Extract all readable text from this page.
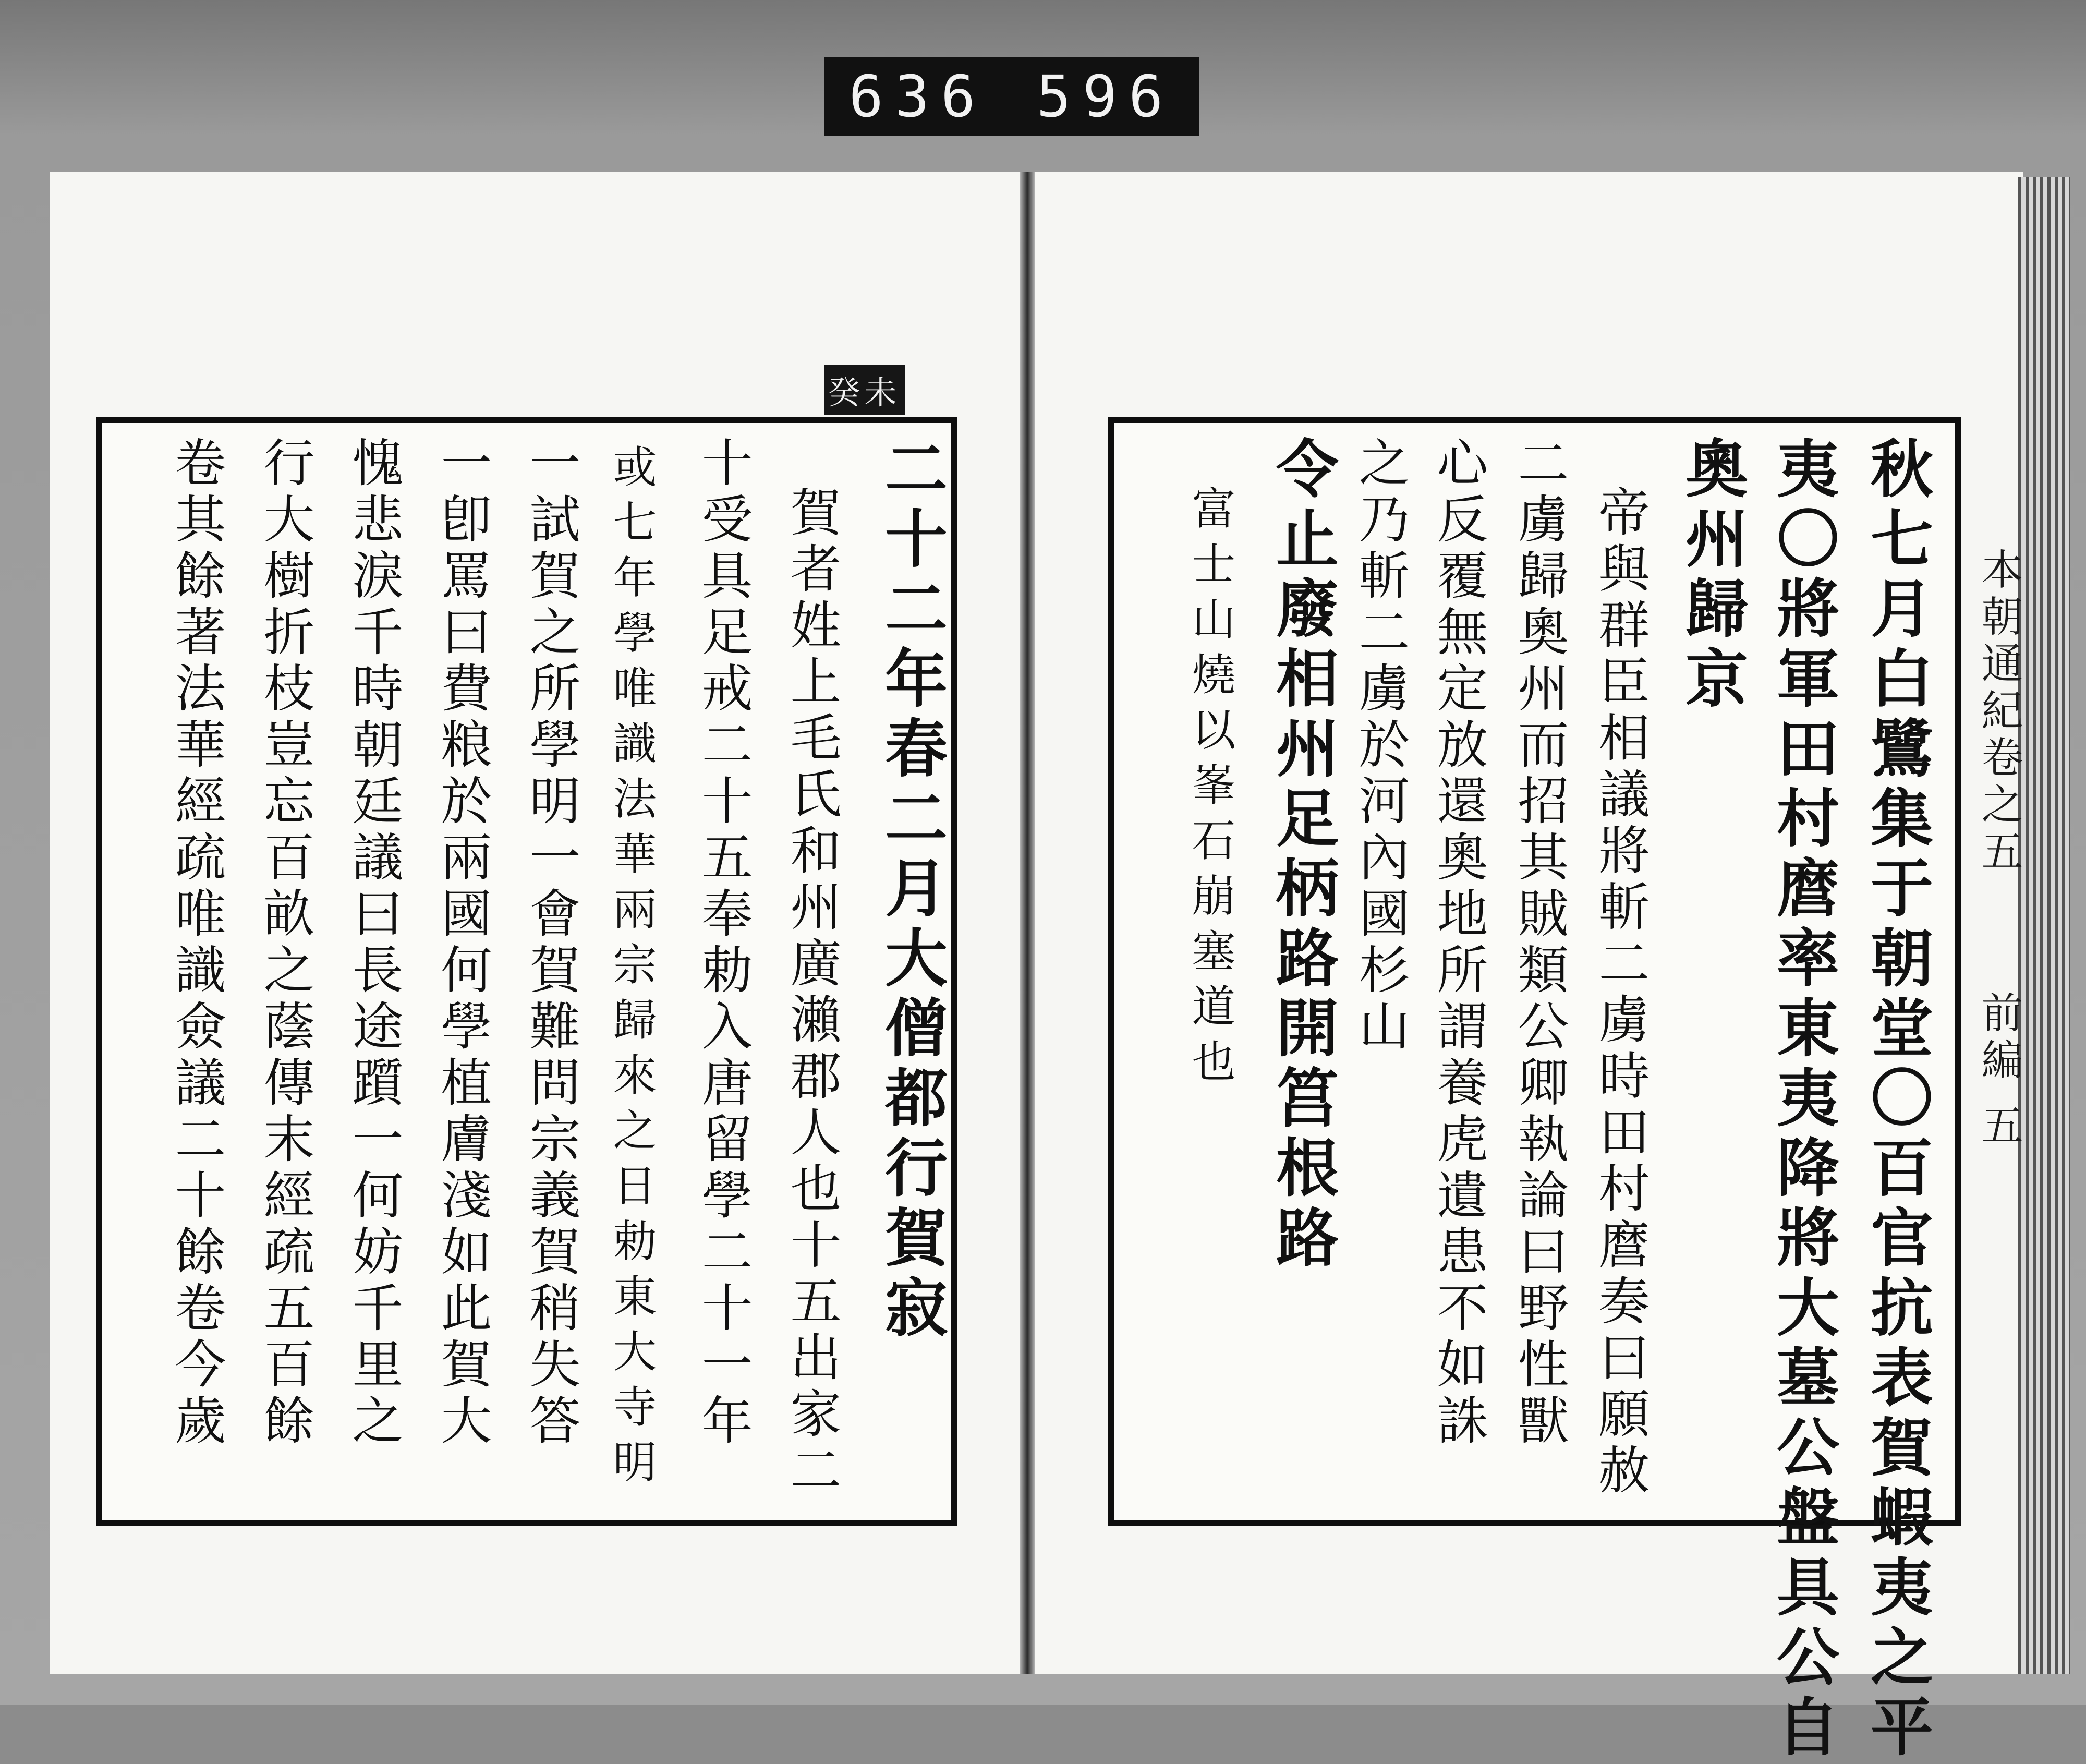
636 596
本朝通紀卷之五
前編 五
秋七月白鷺集于朝堂〇百官抗表賀蝦夷之平
夷〇將軍田村麿率東夷降將大墓公盤具公自
奧州歸京
帝與群臣相議將斬二虜時田村麿奏曰願赦
二虜歸奧州而招其賊類公卿執論曰野性獸
心反覆無定放還奧地所謂養虎遺患不如誅
之乃斬二虜於河內國杉山
令止廢相州足柄路開筥根路
富士山燒以峯石崩塞道也
癸未
二十二年春二月大僧都行賀寂
賀者姓上毛氏和州廣瀨郡人也十五出家二
十受具足戒二十五奉勅入唐留學二十一年
或七年學唯識法華兩宗歸來之日勅東大寺明
一試賀之所學明一會賀難問宗義賀稍失答
一卽罵曰費粮於兩國何學植膚淺如此賀大
愧悲淚千時朝廷議曰長途躓一何妨千里之
行大樹折枝豈忘百畝之蔭傳末經疏五百餘
卷其餘著法華經疏唯識僉議二十餘卷今歲
